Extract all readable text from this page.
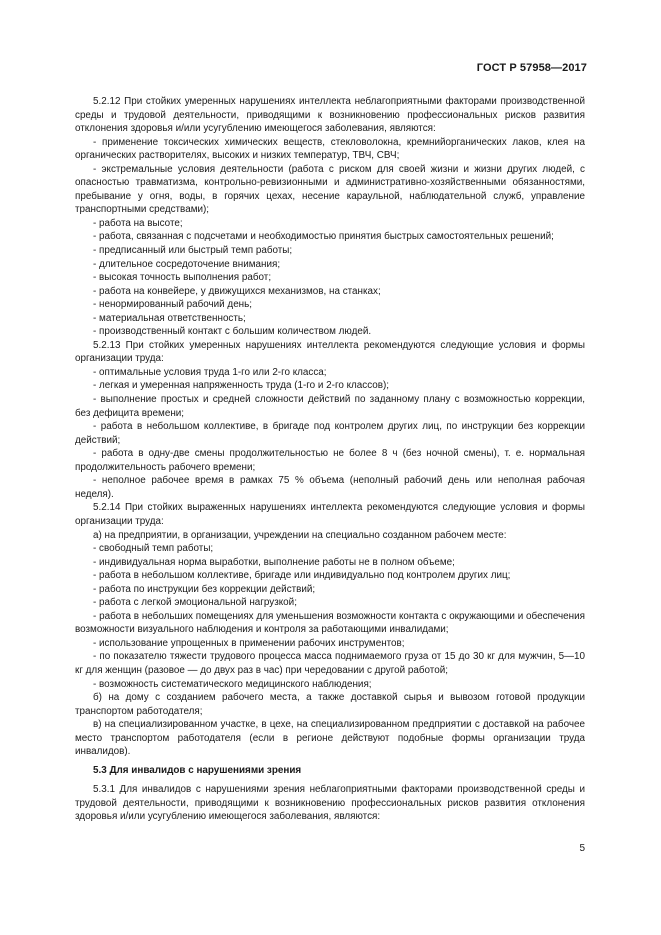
ГОСТ Р 57958—2017

5.2.12 При стойких умеренных нарушениях интеллекта неблагоприятными факторами производственной среды и трудовой деятельности, приводящими к возникновению профессиональных рисков развития отклонения здоровья и/или усугублению имеющегося заболевания, являются:

- применение токсических химических веществ, стекловолокна, кремнийорганических лаков, клея на органических растворителях, высоких и низких температур, ТВЧ, СВЧ;

- экстремальные условия деятельности (работа с риском для своей жизни и жизни других людей, с опасностью травматизма, контрольно-ревизионными и административно-хозяйственными обязанностями, пребывание у огня, воды, в горячих цехах, несение караульной, наблюдательной служб, управление транспортными средствами);

- работа на высоте;

- работа, связанная с подсчетами и необходимостью принятия быстрых самостоятельных решений;

- предписанный или быстрый темп работы;

- длительное сосредоточение внимания;

- высокая точность выполнения работ;

- работа на конвейере, у движущихся механизмов, на станках;

- ненормированный рабочий день;

- материальная ответственность;

- производственный контакт с большим количеством людей.

5.2.13 При стойких умеренных нарушениях интеллекта рекомендуются следующие условия и формы организации труда:

- оптимальные условия труда 1-го или 2-го класса;

- легкая и умеренная напряженность труда (1-го и 2-го классов);

- выполнение простых и средней сложности действий по заданному плану с возможностью коррекции, без дефицита времени;

- работа в небольшом коллективе, в бригаде под контролем других лиц, по инструкции без коррекции действий;

- работа в одну-две смены продолжительностью не более 8 ч (без ночной смены), т. е. нормальная продолжительность рабочего времени;

- неполное рабочее время в рамках 75 % объема (неполный рабочий день или неполная рабочая неделя).

5.2.14 При стойких выраженных нарушениях интеллекта рекомендуются следующие условия и формы организации труда:

а) на предприятии, в организации, учреждении на специально созданном рабочем месте:

- свободный темп работы;

- индивидуальная норма выработки, выполнение работы не в полном объеме;

- работа в небольшом коллективе, бригаде или индивидуально под контролем других лиц;

- работа по инструкции без коррекции действий;

- работа с легкой эмоциональной нагрузкой;

- работа в небольших помещениях для уменьшения возможности контакта с окружающими и обеспечения возможности визуального наблюдения и контроля за работающими инвалидами;

- использование упрощенных в применении рабочих инструментов;

- по показателю тяжести трудового процесса масса поднимаемого груза от 15 до 30 кг для мужчин, 5—10 кг для женщин (разовое — до двух раз в час) при чередовании с другой работой;

- возможность систематического медицинского наблюдения;

б) на дому с созданием рабочего места, а также доставкой сырья и вывозом готовой продукции транспортом работодателя;

в) на специализированном участке, в цехе, на специализированном предприятии с доставкой на рабочее место транспортом работодателя (если в регионе действуют подобные формы организации труда инвалидов).

5.3 Для инвалидов с нарушениями зрения

5.3.1 Для инвалидов с нарушениями зрения неблагоприятными факторами производственной среды и трудовой деятельности, приводящими к возникновению профессиональных рисков развития отклонения здоровья и/или усугублению имеющегося заболевания, являются:

5
